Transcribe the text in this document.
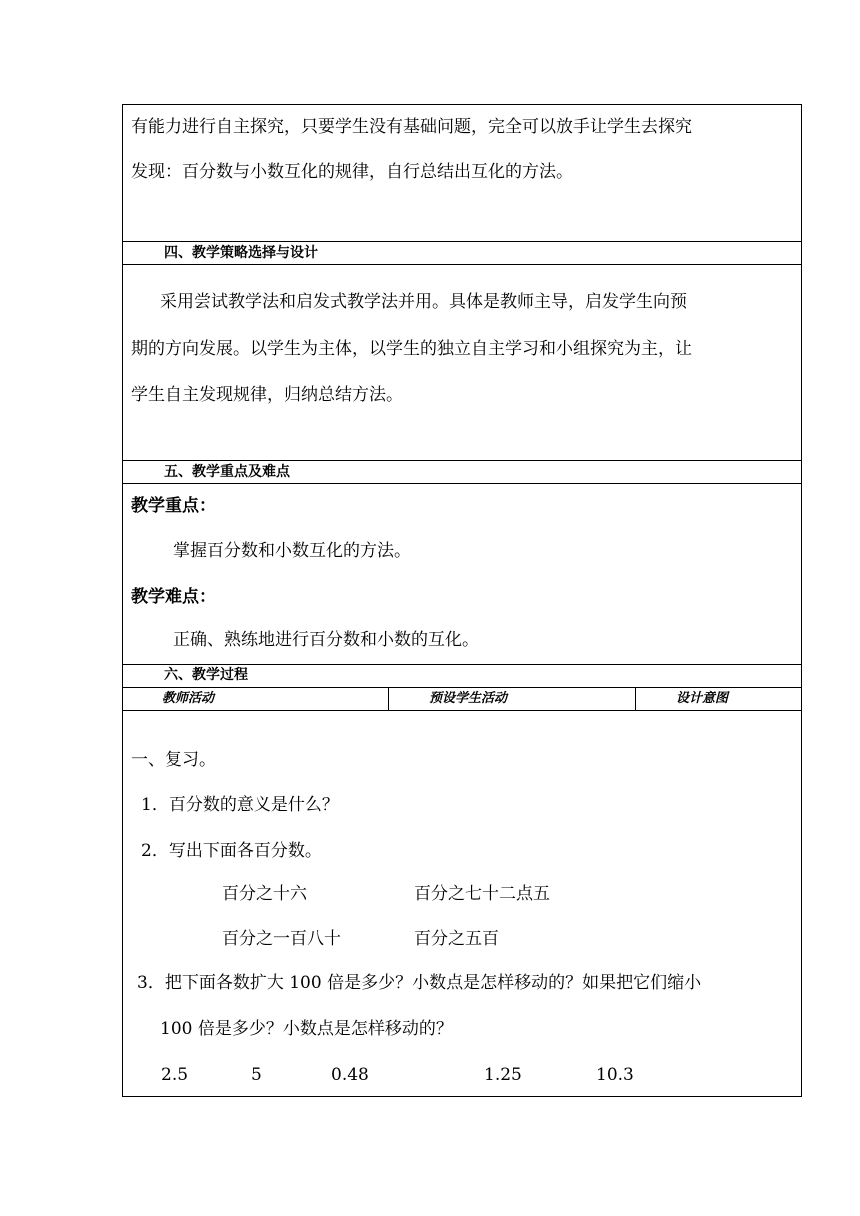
有能力进行自主探究，只要学生没有基础问题，完全可以放手让学生去探究
发现：百分数与小数互化的规律，自行总结出互化的方法。
四、教学策略选择与设计
采用尝试教学法和启发式教学法并用。具体是教师主导，启发学生向预
期的方向发展。以学生为主体，以学生的独立自主学习和小组探究为主，让
学生自主发现规律，归纳总结方法。
五、教学重点及难点
教学重点：
掌握百分数和小数互化的方法。
教学难点：
正确、熟练地进行百分数和小数的互化。
六、教学过程
教师活动	预设学生活动	设计意图
一、复习。
1．百分数的意义是什么？
2．写出下面各百分数。
百分之十六	百分之七十二点五
百分之一百八十	百分之五百
3．把下面各数扩大 100 倍是多少？小数点是怎样移动的？如果把它们缩小
100 倍是多少？小数点是怎样移动的？
2.5	5	0.48	1.25	10.3
